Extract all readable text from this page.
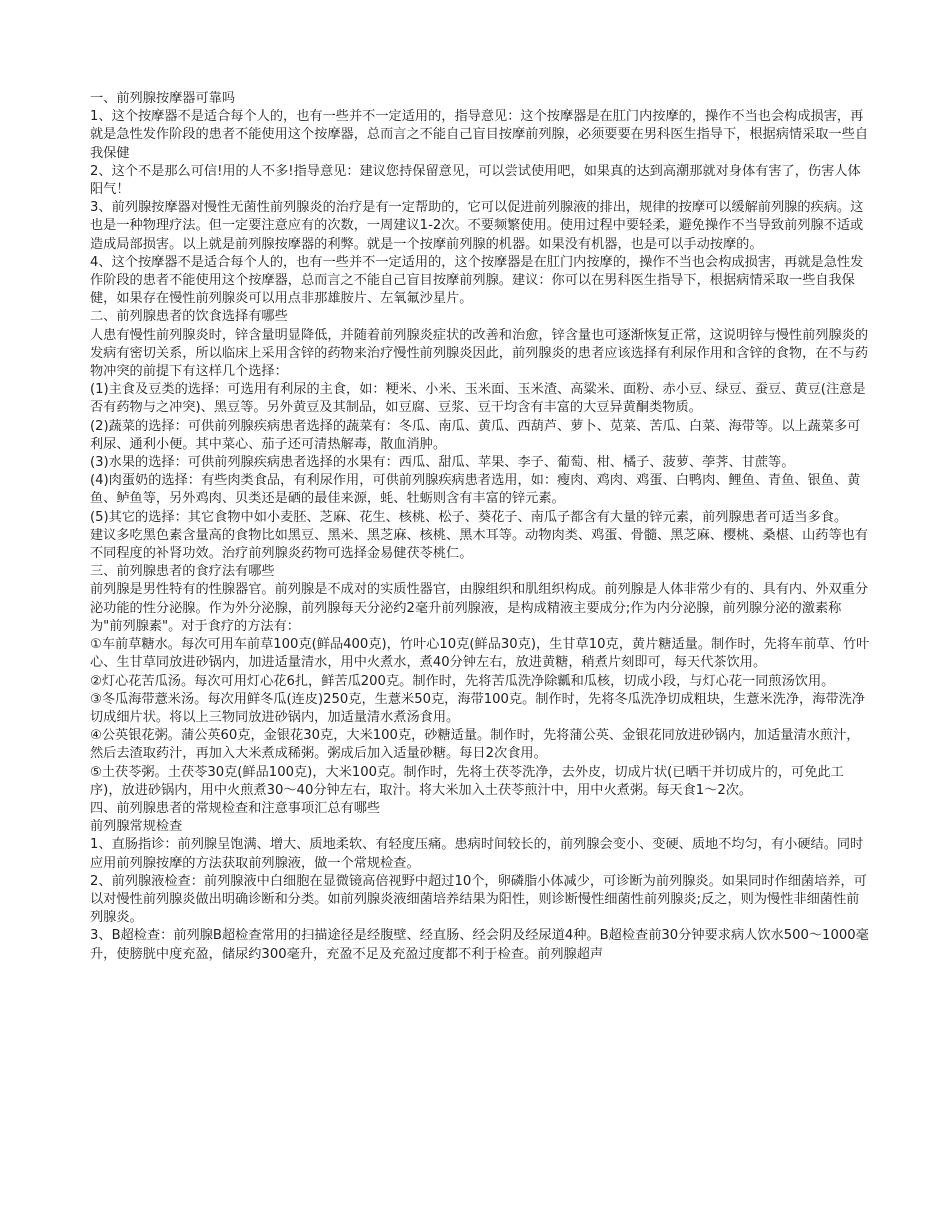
一、前列腺按摩器可靠吗

1、这个按摩器不是适合每个人的，也有一些并不一定适用的，指导意见：这个按摩器是在肛门内按摩的，操作不当也会构成损害，再就是急性发作阶段的患者不能使用这个按摩器，总而言之不能自己盲目按摩前列腺，必须要要在男科医生指导下，根据病情采取一些自我保健

2、这个不是那么可信!用的人不多!指导意见：建议您持保留意见，可以尝试使用吧，如果真的达到高潮那就对身体有害了，伤害人体阳气！

3、前列腺按摩器对慢性无菌性前列腺炎的治疗是有一定帮助的，它可以促进前列腺液的排出，规律的按摩可以缓解前列腺的疾病。这也是一种物理疗法。但一定要注意应有的次数，一周建议1-2次。不要频繁使用。使用过程中要轻柔，避免操作不当导致前列腺不适或造成局部损害。以上就是前列腺按摩器的利弊。就是一个按摩前列腺的机器。如果没有机器，也是可以手动按摩的。

4、这个按摩器不是适合每个人的，也有一些并不一定适用的，这个按摩器是在肛门内按摩的，操作不当也会构成损害，再就是急性发作阶段的患者不能使用这个按摩器，总而言之不能自己盲目按摩前列腺。建议：你可以在男科医生指导下，根据病情采取一些自我保健，如果存在慢性前列腺炎可以用点非那雄胺片、左氧氟沙星片。

二、前列腺患者的饮食选择有哪些

人患有慢性前列腺炎时，锌含量明显降低，并随着前列腺炎症状的改善和治愈，锌含量也可逐渐恢复正常，这说明锌与慢性前列腺炎的发病有密切关系，所以临床上采用含锌的药物来治疗慢性前列腺炎因此，前列腺炎的患者应该选择有利尿作用和含锌的食物，在不与药物冲突的前提下有这样几个选择：

(1)主食及豆类的选择：可选用有利尿的主食，如：粳米、小米、玉米面、玉米渣、高粱米、面粉、赤小豆、绿豆、蚕豆、黄豆(注意是否有药物与之冲突)、黑豆等。另外黄豆及其制品，如豆腐、豆浆、豆干均含有丰富的大豆异黄酮类物质。

(2)蔬菜的选择：可供前列腺疾病患者选择的蔬菜有：冬瓜、南瓜、黄瓜、西葫芦、萝卜、苋菜、苦瓜、白菜、海带等。以上蔬菜多可利尿、通利小便。其中菜心、茄子还可清热解毒，散血消肿。

(3)水果的选择：可供前列腺疾病患者选择的水果有：西瓜、甜瓜、苹果、李子、葡萄、柑、橘子、菠萝、荸荠、甘蔗等。

(4)肉蛋奶的选择：有些肉类食品，有利尿作用，可供前列腺疾病患者选用，如：瘦肉、鸡肉、鸡蛋、白鸭肉、鲤鱼、青鱼、银鱼、黄鱼、鲈鱼等，另外鸡肉、贝类还是硒的最佳来源，蚝、牡蛎则含有丰富的锌元素。

(5)其它的选择：其它食物中如小麦胚、芝麻、花生、核桃、松子、葵花子、南瓜子都含有大量的锌元素，前列腺患者可适当多食。

建议多吃黑色素含量高的食物比如黑豆、黑米、黑芝麻、核桃、黑木耳等。动物肉类、鸡蛋、骨髓、黑芝麻、樱桃、桑椹、山药等也有不同程度的补肾功效。治疗前列腺炎药物可选择金易健茯苓桃仁。

三、前列腺患者的食疗法有哪些

前列腺是男性特有的性腺器官。前列腺是不成对的实质性器官，由腺组织和肌组织构成。前列腺是人体非常少有的、具有内、外双重分泌功能的性分泌腺。作为外分泌腺，前列腺每天分泌约2毫升前列腺液，是构成精液主要成分;作为内分泌腺，前列腺分泌的激素称为"前列腺素"。对于食疗的方法有：

①车前草糖水。每次可用车前草100克(鲜品400克)，竹叶心10克(鲜品30克)，生甘草10克，黄片糖适量。制作时，先将车前草、竹叶心、生甘草同放进砂锅内，加进适量清水，用中火煮水，煮40分钟左右，放进黄糖，稍煮片刻即可，每天代茶饮用。

②灯心花苦瓜汤。每次可用灯心花6扎，鲜苦瓜200克。制作时，先将苦瓜洗净除瓤和瓜核，切成小段，与灯心花一同煎汤饮用。

③冬瓜海带薏米汤。每次用鲜冬瓜(连皮)250克，生薏米50克，海带100克。制作时，先将冬瓜洗净切成粗块，生薏米洗净，海带洗净切成细片状。将以上三物同放进砂锅内，加适量清水煮汤食用。

④公英银花粥。蒲公英60克，金银花30克，大米100克，砂糖适量。制作时，先将蒲公英、金银花同放进砂锅内，加适量清水煎汁，然后去渣取药汁，再加入大米煮成稀粥。粥成后加入适量砂糖。每日2次食用。

⑤土茯苓粥。土茯苓30克(鲜品100克)，大米100克。制作时，先将土茯苓洗净，去外皮，切成片状(已晒干并切成片的，可免此工序)，放进砂锅内，用中火煎煮30～40分钟左右，取汁。将大米加入土茯苓煎汁中，用中火煮粥。每天食1～2次。

四、前列腺患者的常规检查和注意事项汇总有哪些

前列腺常规检查

1、直肠指诊：前列腺呈饱满、增大、质地柔软、有轻度压痛。患病时间较长的，前列腺会变小、变硬、质地不均匀，有小硬结。同时应用前列腺按摩的方法获取前列腺液，做一个常规检查。

2、前列腺液检查：前列腺液中白细胞在显微镜高倍视野中超过10个，卵磷脂小体减少，可诊断为前列腺炎。如果同时作细菌培养，可以对慢性前列腺炎做出明确诊断和分类。如前列腺炎液细菌培养结果为阳性，则诊断慢性细菌性前列腺炎;反之，则为慢性非细菌性前列腺炎。

3、B超检查：前列腺B超检查常用的扫描途径是经腹壁、经直肠、经会阴及经尿道4种。B超检查前30分钟要求病人饮水500～1000毫升，使膀胱中度充盈，储尿约300毫升，充盈不足及充盈过度都不利于检查。前列腺超声
